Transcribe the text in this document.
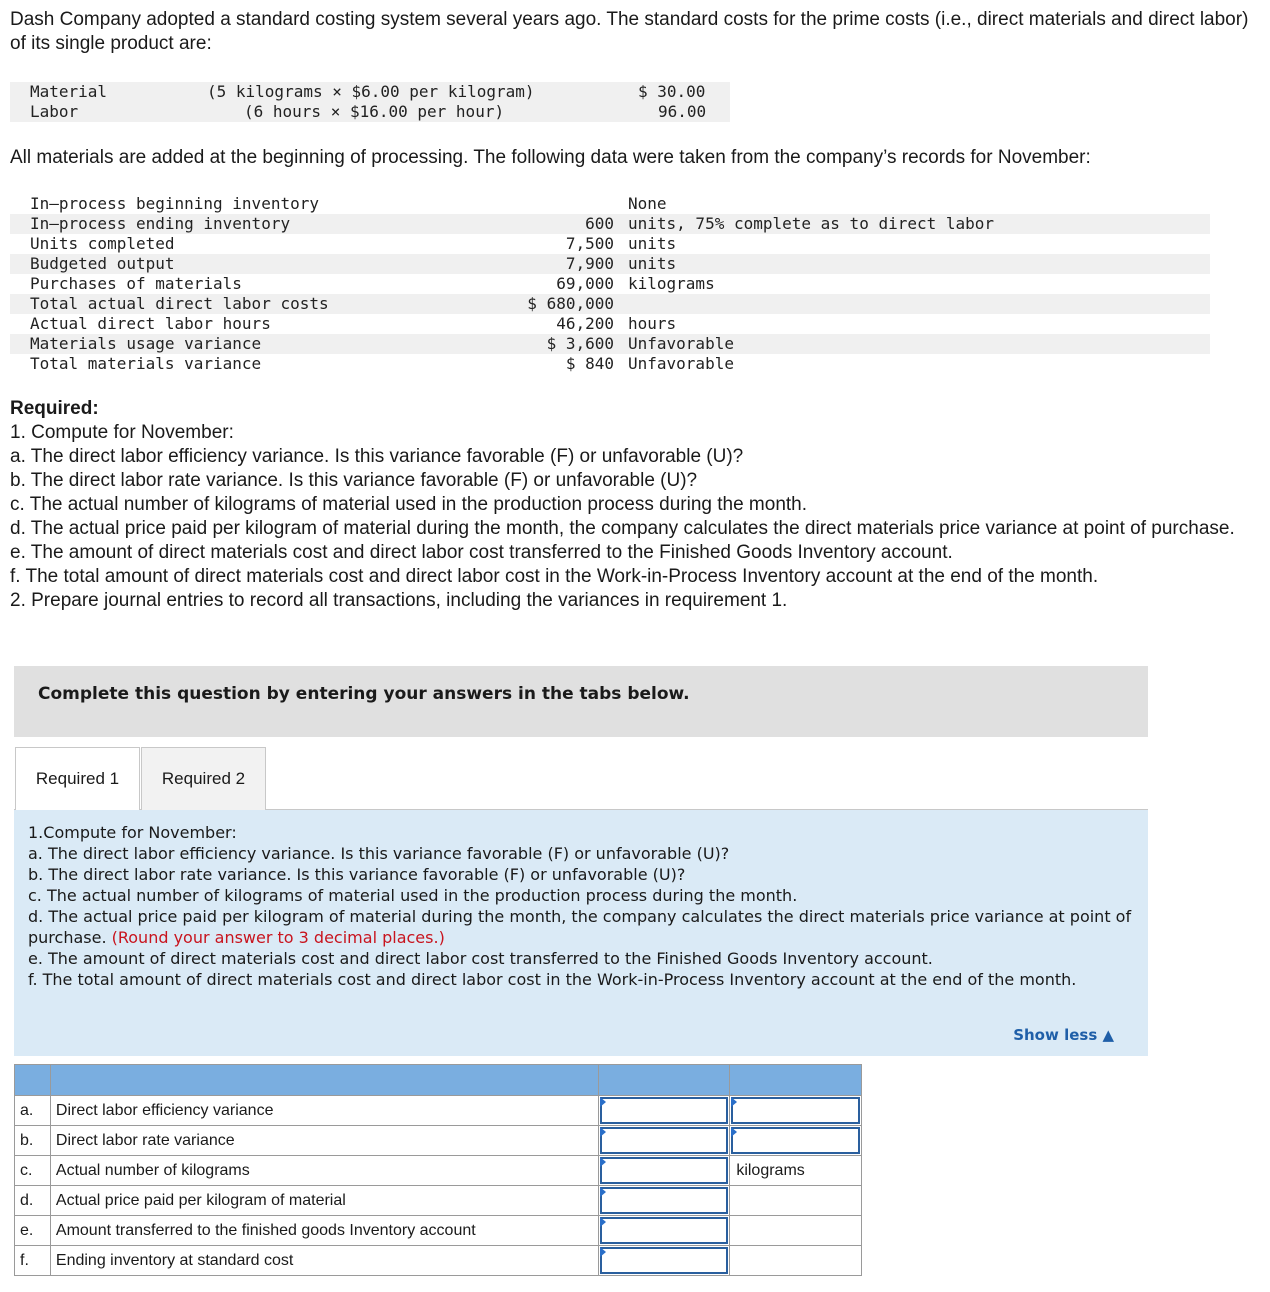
Dash Company adopted a standard costing system several years ago. The standard costs for the prime costs (i.e., direct materials and direct labor) of its single product are:
Material	(5 kilograms × $6.00 per kilogram)	$ 30.00
Labor	(6 hours × $16.00 per hour)	96.00
All materials are added at the beginning of processing. The following data were taken from the company’s records for November:
In–process beginning inventory	None
In–process ending inventory	600 units, 75% complete as to direct labor
Units completed	7,500 units
Budgeted output	7,900 units
Purchases of materials	69,000 kilograms
Total actual direct labor costs	$ 680,000
Actual direct labor hours	46,200 hours
Materials usage variance	$ 3,600 Unfavorable
Total materials variance	$ 840 Unfavorable
Required:
1. Compute for November:
a. The direct labor efficiency variance. Is this variance favorable (F) or unfavorable (U)?
b. The direct labor rate variance. Is this variance favorable (F) or unfavorable (U)?
c. The actual number of kilograms of material used in the production process during the month.
d. The actual price paid per kilogram of material during the month, the company calculates the direct materials price variance at point of purchase.
e. The amount of direct materials cost and direct labor cost transferred to the Finished Goods Inventory account.
f. The total amount of direct materials cost and direct labor cost in the Work-in-Process Inventory account at the end of the month.
2. Prepare journal entries to record all transactions, including the variances in requirement 1.
Complete this question by entering your answers in the tabs below.
Required 1	Required 2
1.Compute for November:
a. The direct labor efficiency variance. Is this variance favorable (F) or unfavorable (U)?
b. The direct labor rate variance. Is this variance favorable (F) or unfavorable (U)?
c. The actual number of kilograms of material used in the production process during the month.
d. The actual price paid per kilogram of material during the month, the company calculates the direct materials price variance at point of purchase. (Round your answer to 3 decimal places.)
e. The amount of direct materials cost and direct labor cost transferred to the Finished Goods Inventory account.
f. The total amount of direct materials cost and direct labor cost in the Work-in-Process Inventory account at the end of the month.
Show less ▲

a.	Direct labor efficiency variance	

b.	Direct labor rate variance	

c.	Actual number of kilograms		kilograms
d.	Actual price paid per kilogram of material	

e.	Amount transferred to the finished goods Inventory account	

f.	Ending inventory at standard cost	
